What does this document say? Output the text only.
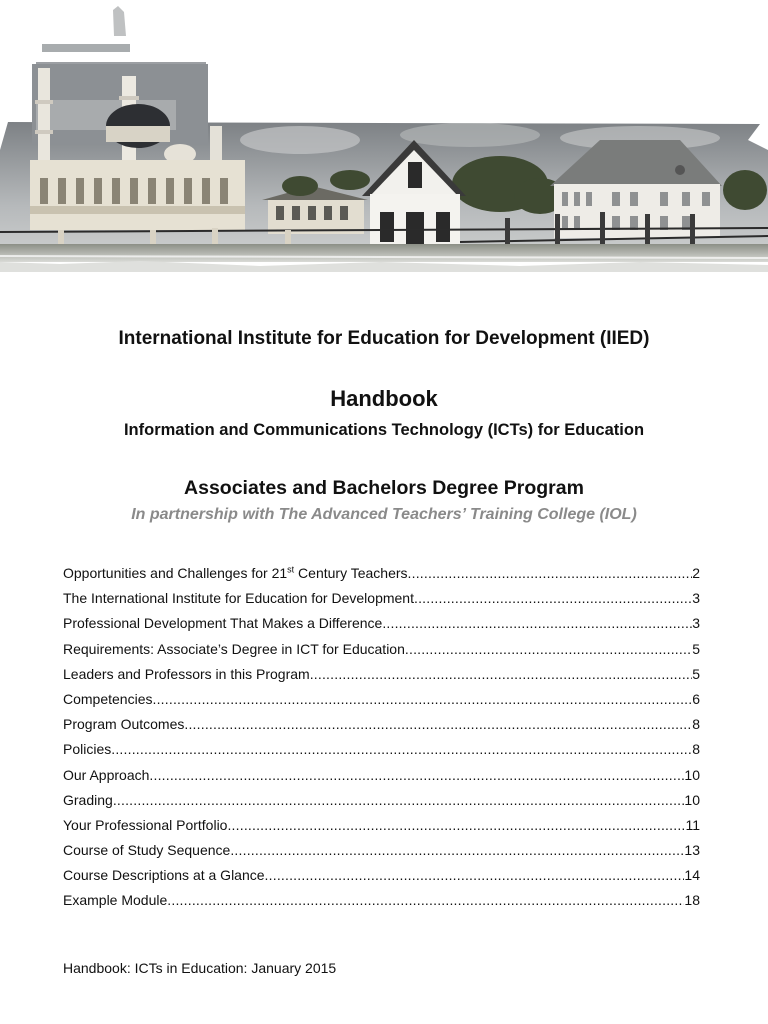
International Institute for Education for Development (IIED)
Handbook
Information and Communications Technology (ICTs) for Education
Associates and Bachelors Degree Program
In partnership with The Advanced Teachers’ Training College (IOL)
Opportunities and Challenges for 21st Century Teachers .....	2
The International Institute for Education for Development .....	3
Professional Development That Makes a Difference .....	3
Requirements: Associate’s Degree in ICT for Education .....	5
Leaders and Professors in this Program .....	5
Competencies .....	6
Program Outcomes .....	8
Policies .....	8
Our Approach .....	10
Grading .....	10
Your Professional Portfolio .....	11
Course of Study Sequence .....	13
Course Descriptions at a Glance .....	14
Example Module .....	18
Handbook: ICTs in Education: January 2015
